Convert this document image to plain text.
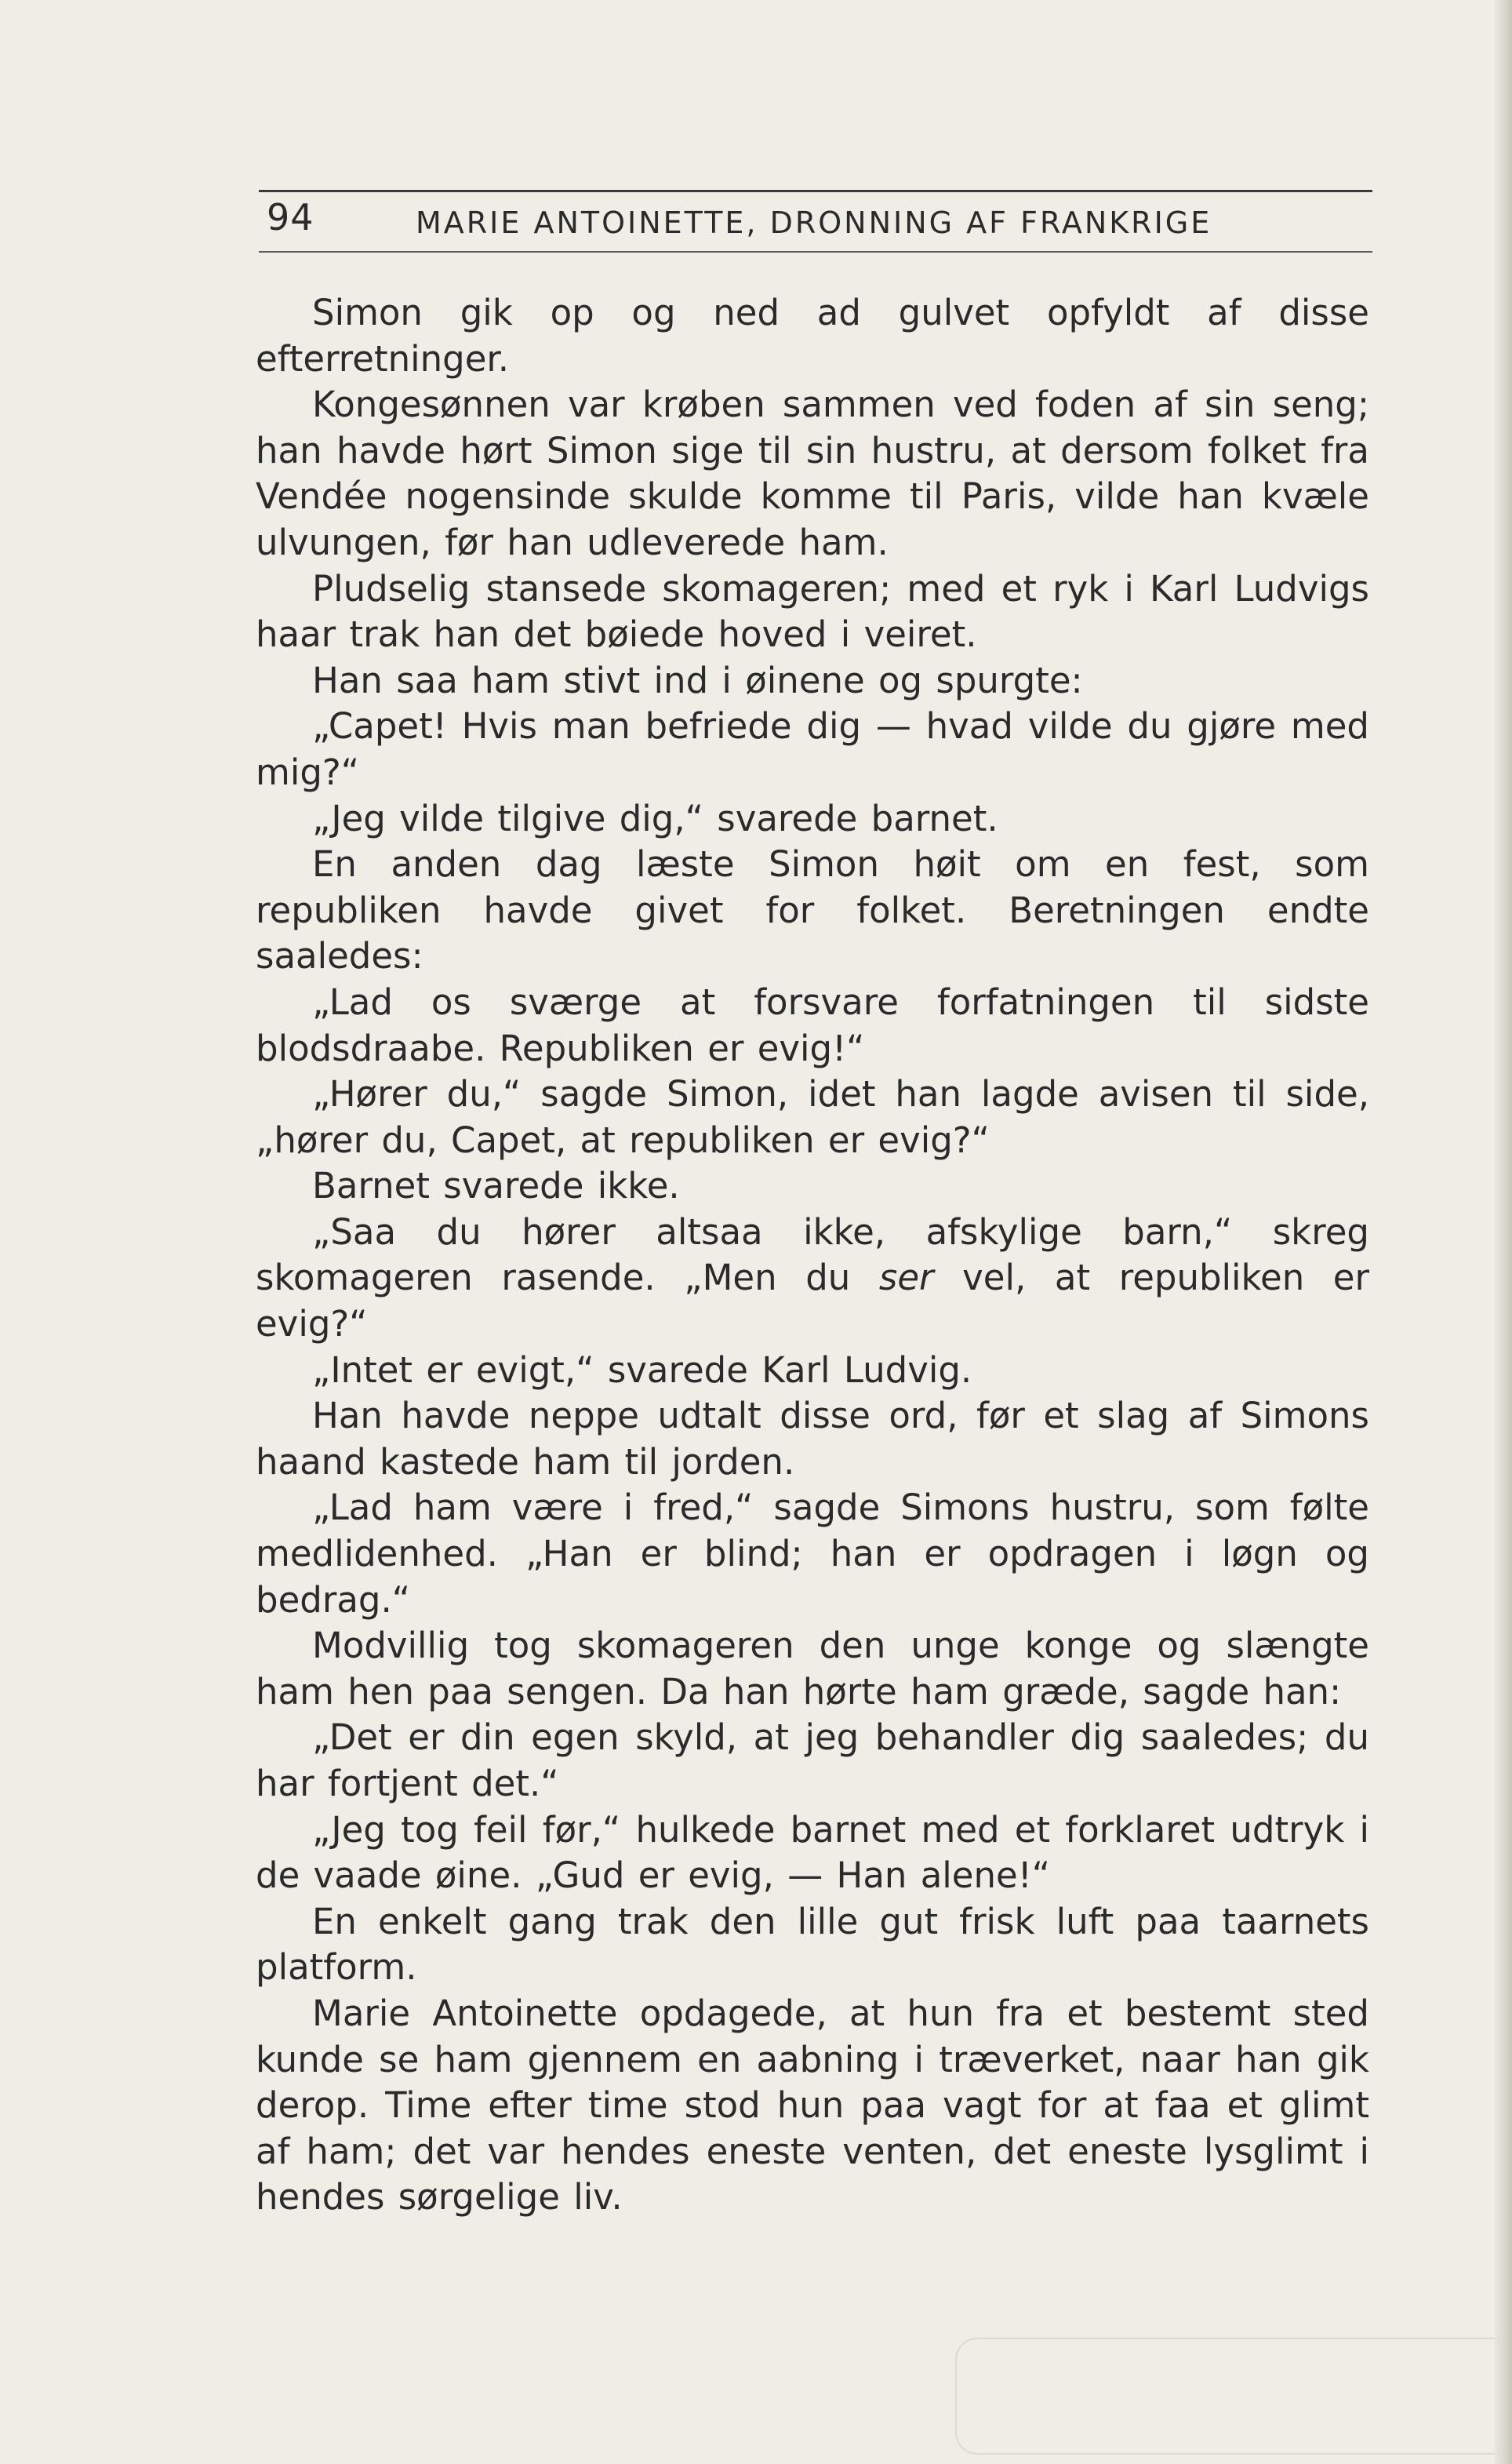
94	MARIE ANTOINETTE, DRONNING AF FRANKRIGE

Simon gik op og ned ad gulvet opfyldt af disse efterretninger.

Kongesønnen var krøben sammen ved foden af sin seng; han havde hørt Simon sige til sin hustru, at dersom folket fra Vendée nogensinde skulde komme til Paris, vilde han kvæle ulvungen, før han udleverede ham.

Pludselig stansede skomageren; med et ryk i Karl Ludvigs haar trak han det bøiede hoved i veiret.

Han saa ham stivt ind i øinene og spurgte:

„Capet! Hvis man befriede dig — hvad vilde du gjøre med mig?“

„Jeg vilde tilgive dig,“ svarede barnet.

En anden dag læste Simon høit om en fest, som republiken havde givet for folket. Beretningen endte saaledes:

„Lad os sværge at forsvare forfatningen til sidste blodsdraabe. Republiken er evig!“

„Hører du,“ sagde Simon, idet han lagde avisen til side, „hører du, Capet, at republiken er evig?“

Barnet svarede ikke.

„Saa du hører altsaa ikke, afskylige barn,“ skreg skomageren rasende. „Men du ser vel, at republiken er evig?“

„Intet er evigt,“ svarede Karl Ludvig.

Han havde neppe udtalt disse ord, før et slag af Simons haand kastede ham til jorden.

„Lad ham være i fred,“ sagde Simons hustru, som følte medlidenhed. „Han er blind; han er opdragen i løgn og bedrag.“

Modvillig tog skomageren den unge konge og slængte ham hen paa sengen. Da han hørte ham græde, sagde han:

„Det er din egen skyld, at jeg behandler dig saaledes; du har fortjent det.“

„Jeg tog feil før,“ hulkede barnet med et forklaret udtryk i de vaade øine. „Gud er evig, — Han alene!“

En enkelt gang trak den lille gut frisk luft paa taarnets platform.

Marie Antoinette opdagede, at hun fra et bestemt sted kunde se ham gjennem en aabning i træverket, naar han gik derop. Time efter time stod hun paa vagt for at faa et glimt af ham; det var hendes eneste venten, det eneste lysglimt i hendes sørgelige liv.
